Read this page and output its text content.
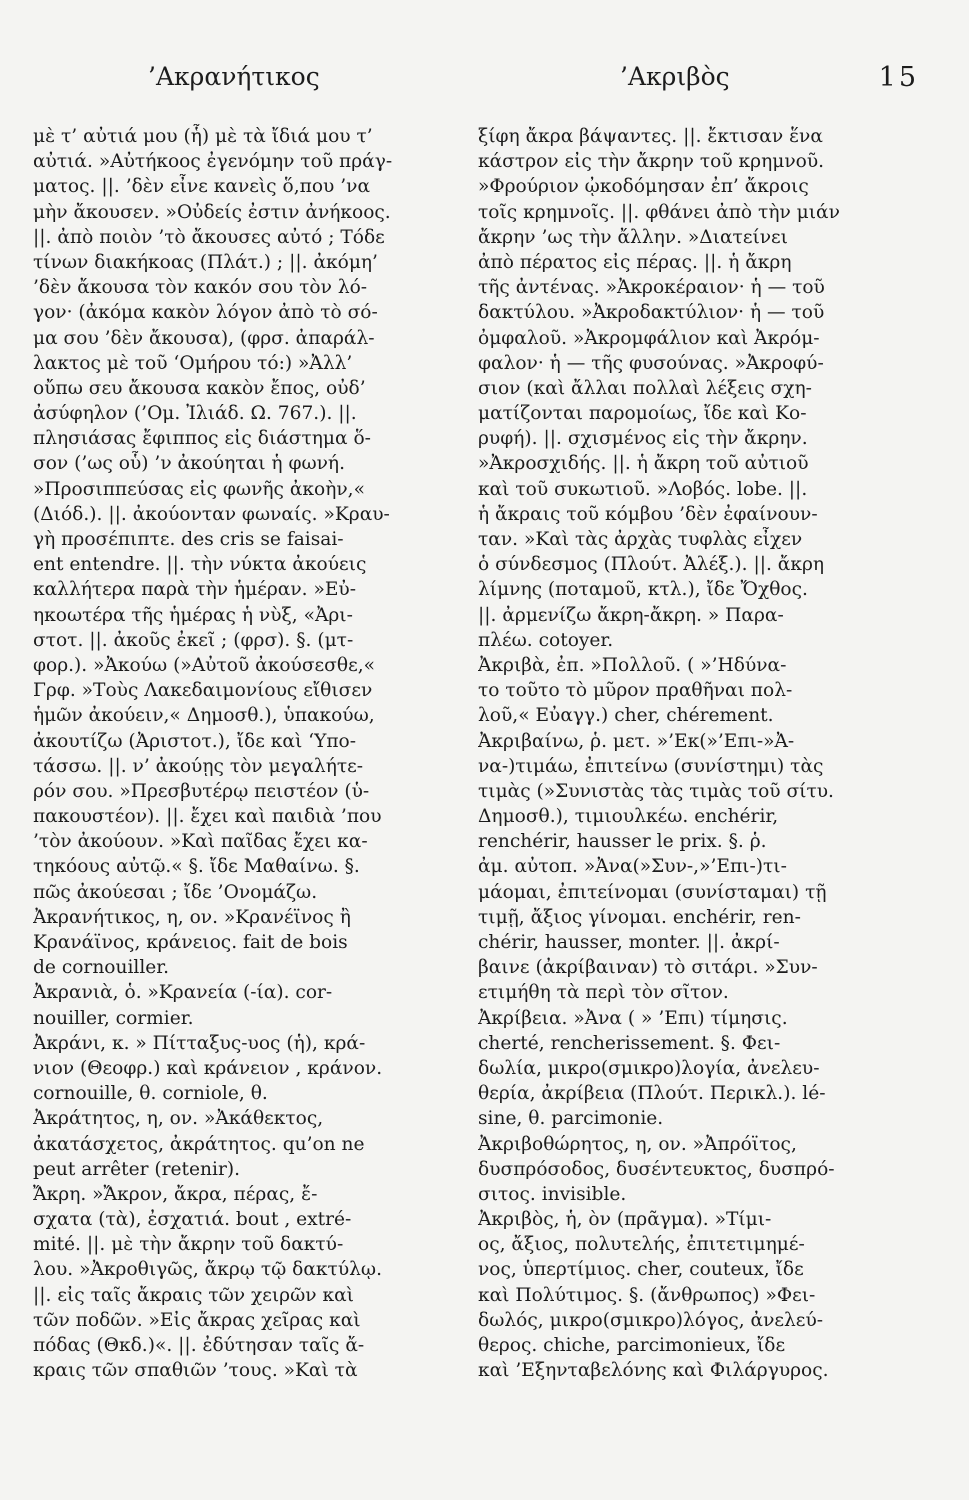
’Ακρανήτικος	’Ακριβὸς	15
μὲ τ’ αὐτιά μου (ἧ) μὲ τὰ ἴδιά μου τ’
αὐτιά. »Αὐτήκοος ἐγενόμην τοῦ πράγ-
ματος. ||. ’δὲν εἶνε κανεὶς ὅ,που ’να
μὴν ἄκουσεν. »Οὐδείς ἐστιν ἀνήκοος.
||. ἀπὸ ποιὸν ’τὸ ἄκουσες αὐτό ; Τόδε
τίνων διακήκοας (Πλάτ.) ; ||. ἀκόμη’
’δὲν ἄκουσα τὸν κακόν σου τὸν λό-
γον· (ἀκόμα κακὸν λόγον ἀπὸ τὸ σό-
μα σου ’δὲν ἄκουσα), (φρσ. ἀπαράλ-
λακτος μὲ τοῦ ‘Ομήρου τό:) »Ἀλλ’
οὔπω σευ ἄκουσα κακὸν ἔπος, οὐδ’
ἀσύφηλον (’Ομ. Ἰλιάδ. Ω. 767.). ||.
πλησιάσας ἔφιππος εἰς διάστημα ὅ-
σον (’ως οὗ) ’ν ἀκούηται ἡ φωνή.
»Προσιππεύσας εἰς φωνῆς ἀκοὴν,«
(Διόδ.). ||. ἀκούονταν φωναίς. »Κραυ-
γὴ προσέπιπτε. des cris se faisai-
ent entendre. ||. τὴν νύκτα ἀκούεις
καλλήτερα παρὰ τὴν ἡμέραν. »Εὐ-
ηκοωτέρα τῆς ἡμέρας ἡ νὺξ, «Ἀρι-
στοτ. ||. ἀκοῦς ἐκεῖ ; (φρσ). §. (μτ-
φορ.). »Ἀκούω (»Αὐτοῦ ἀκούσεσθε,«
Γρφ. »Τοὺς Λακεδαιμονίους εἴθισεν
ἡμῶν ἀκούειν,« Δημοσθ.), ὑπακούω,
ἀκουτίζω (Ἀριστοτ.), ἴδε καὶ ‘Υπο-
τάσσω. ||. ν’ ἀκούῃς τὸν μεγαλήτε-
ρόν σου. »Πρεσβυτέρῳ πειστέον (ὑ-
πακουστέον). ||. ἔχει καὶ παιδιὰ ’που
’τὸν ἀκούουν. »Καὶ παῖδας ἔχει κα-
τηκόους αὐτῷ.« §. ἴδε Μαθαίνω. §.
πῶς ἀκούεσαι ; ἴδε ’Ονομάζω.
Ἀκρανήτικος, η, ον. »Κρανέϊνος ἢ
Κρανάϊνος, κράνειος. fait de bois
de cornouiller.
Ἀκρανιὰ, ὁ. »Κρανεία (-ία). cor-
nouiller, cormier.
Ἀκράνι, κ. » Πίτταξυς-υος (ἡ), κρά-
νιον (Θεοφρ.) καὶ κράνειον , κράνον.
cornouille, θ. corniole, θ.
Ἀκράτητος, η, ον. »Ἀκάθεκτος,
ἀκατάσχετος, ἀκράτητος. qu’on ne
peut arrêter (retenir).
Ἄκρη. »Ἄκρον, ἄκρα, πέρας, ἔ-
σχατα (τὰ), ἐσχατιά. bout , extré-
mité. ||. μὲ τὴν ἄκρην τοῦ δακτύ-
λου. »Ἀκροθιγῶς, ἄκρῳ τῷ δακτύλῳ.
||. εἰς ταῖς ἄκραις τῶν χειρῶν καὶ
τῶν ποδῶν. »Εἰς ἄκρας χεῖρας καὶ
πόδας (Θκδ.)«. ||. ἐδύτησαν ταῖς ἄ-
κραις τῶν σπαθιῶν ’τους. »Καὶ τὰ
ξίφη ἄκρα βάψαντες. ||. ἔκτισαν ἕνα
κάστρον εἰς τὴν ἄκρην τοῦ κρημνοῦ.
»Φρούριον ᾠκοδόμησαν ἐπ’ ἄκροις
τοῖς κρημνοῖς. ||. φθάνει ἀπὸ τὴν μιάν
ἄκρην ’ως τὴν ἄλλην. »Διατείνει
ἀπὸ πέρατος εἰς πέρας. ||. ἡ ἄκρη
τῆς ἀντένας. »Ἀκροκέραιον· ἡ — τοῦ
δακτύλου. »Ἀκροδακτύλιον· ἡ — τοῦ
ὀμφαλοῦ. »Ἀκρομφάλιον καὶ Ἀκρόμ-
φαλον· ἡ — τῆς φυσούνας. »Ἀκροφύ-
σιον (καὶ ἄλλαι πολλαὶ λέξεις σχη-
ματίζονται παρομοίως, ἴδε καὶ Κο-
ρυφή). ||. σχισμένος εἰς τὴν ἄκρην.
»Ἀκροσχιδής. ||. ἡ ἄκρη τοῦ αὐτιοῦ
καὶ τοῦ συκωτιοῦ. »Λοβός. lobe. ||.
ἡ ἄκραις τοῦ κόμβου ’δὲν ἐφαίνουν-
ταν. »Καὶ τὰς ἀρχὰς τυφλὰς εἶχεν
ὁ σύνδεσμος (Πλούτ. Ἀλέξ.). ||. ἄκρη
λίμνης (ποταμοῦ, κτλ.), ἴδε Ὄχθος.
||. ἀρμενίζω ἄκρη-ἄκρη. » Παρα-
πλέω. cotoyer.
Ἀκριβὰ, ἐπ. »Πολλοῦ. ( »’Ηδύνα-
το τοῦτο τὸ μῦρον πραθῆναι πολ-
λοῦ,« Εὐαγγ.) cher, chérement.
Ἀκριβαίνω, ῥ. μετ. »’Εκ(»’Επι-»Ἀ-
να-)τιμάω, ἐπιτείνω (συνίστημι) τὰς
τιμὰς (»Συνιστὰς τὰς τιμὰς τοῦ σίτυ.
Δημοσθ.), τιμιουλκέω. enchérir,
renchérir, hausser le prix. §. ῥ.
ἀμ. αὐτοπ. »Ἀνα(»Συν-,»’Επι-)τι-
μάομαι, ἐπιτείνομαι (συνίσταμαι) τῇ
τιμῇ, ἄξιος γίνομαι. enchérir, ren-
chérir, hausser, monter. ||. ἀκρί-
βαινε (ἀκρίβαιναν) τὸ σιτάρι. »Συν-
ετιμήθη τὰ περὶ τὸν σῖτον.
Ἀκρίβεια. »Ἀνα ( » ’Επι) τίμησις.
cherté, rencherissement. §. Φει-
δωλία, μικρο(σμικρο)λογία, ἀνελευ-
θερία, ἀκρίβεια (Πλούτ. Περικλ.). lé-
sine, θ. parcimonie.
Ἀκριβοθώρητος, η, ον. »Ἀπρόϊτος,
δυσπρόσοδος, δυσέντευκτος, δυσπρό-
σιτος. invisible.
Ἀκριβὸς, ἡ, ὸν (πρᾶγμα). »Τίμι-
ος, ἄξιος, πολυτελής, ἐπιτετιμημέ-
νος, ὑπερτίμιος. cher, couteux, ἴδε
καὶ Πολύτιμος. §. (ἄνθρωπος) »Φει-
δωλός, μικρο(σμικρο)λόγος, ἀνελεύ-
θερος. chiche, parcimonieux, ἴδε
καὶ ’Εξηνταβελόνης καὶ Φιλάργυρος.
